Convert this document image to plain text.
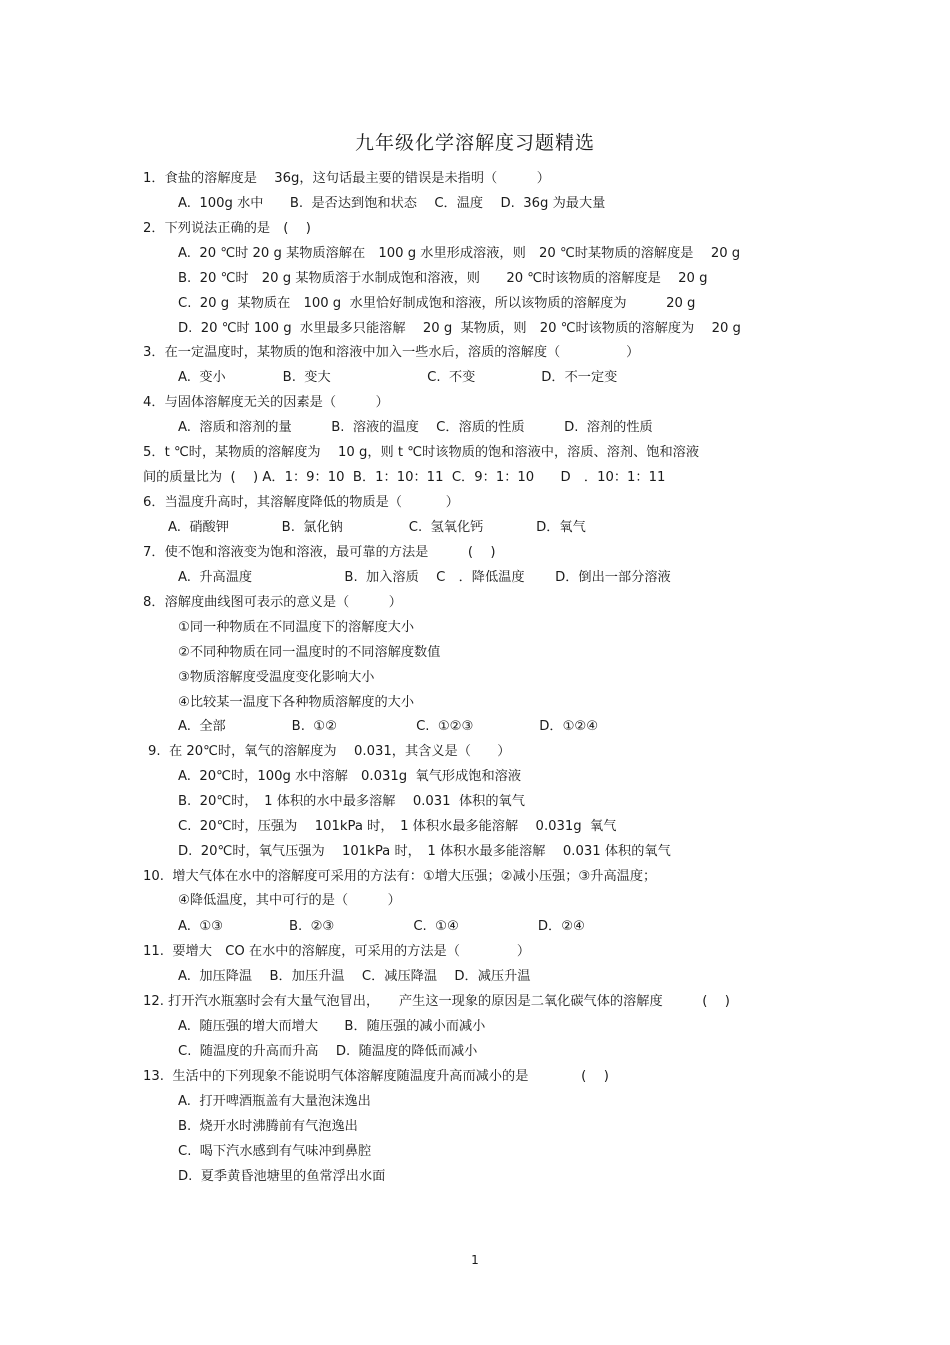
九年级化学溶解度习题精选
1．食盐的溶解度是　 36g，这句话最主要的错误是未指明（　　　）
A.  100g 水中　　B.  是否达到饱和状态　 C．温度　 D.  36g 为最大量
2．下列说法正确的是　(　 )
A.  20 ℃时 20 g 某物质溶解在　100 g 水里形成溶液，则　20 ℃时某物质的溶解度是　 20 g
B.  20 ℃时　20 g 某物质溶于水制成饱和溶液，则　　20 ℃时该物质的溶解度是　 20 g
C.  20 g  某物质在　100 g  水里恰好制成饱和溶液，所以该物质的溶解度为　　　20 g
D.  20 ℃时 100 g  水里最多只能溶解　 20 g  某物质，则　20 ℃时该物质的溶解度为　 20 g
3．在一定温度时，某物质的饱和溶液中加入一些水后，溶质的溶解度（　　　　　）
A.  变小　　　　 B.  变大　　　　　　　 C.  不变　　　　　D．不一定变
4．与固体溶解度无关的因素是（　　　）
A.  溶质和溶剂的量　　　B.  溶液的温度　 C．溶质的性质　　　D.  溶剂的性质
5．t ℃时，某物质的溶解度为　 10 g，则 t ℃时该物质的饱和溶液中，溶质、溶剂、饱和溶液
间的质量比为  (　 ) A．1：9：10  B．1：10：11  C．9：1：10　　D　．10：1：11
6．当温度升高时，其溶解度降低的物质是（　　　 ）
A.  硝酸钾　　　　B.  氯化钠　　　　　C.  氢氧化钙　　　　D．氧气
7．使不饱和溶液变为饱和溶液，最可靠的方法是　　　(　 )
A.  升高温度　　　　　　　B.  加入溶质　 C　．降低温度　　 D．倒出一部分溶液
8．溶解度曲线图可表示的意义是（　　　）
①同一种物质在不同温度下的溶解度大小
②不同种物质在同一温度时的不同溶解度数值
③物质溶解度受温度变化影响大小
④比较某一温度下各种物质溶解度的大小
A.  全部　　　　　B.  ①②　　　　　　C.  ①②③　　　　　D．①②④
9.  在 20℃时，氧气的溶解度为　 0.031，其含义是（　　）
A.  20℃时，100g 水中溶解　0.031g  氧气形成饱和溶液
B.  20℃时，　1 体积的水中最多溶解　 0.031  体积的氧气
C.  20℃时，压强为　 101kPa 时，　1 体积水最多能溶解　 0.031g  氧气
D.  20℃时，氧气压强为　 101kPa 时，　1 体积水最多能溶解　 0.031 体积的氧气
10.  增大气体在水中的溶解度可采用的方法有：①增大压强；②减小压强；③升高温度；
④降低温度，其中可行的是（　　　）
A.  ①③　　　　　B.  ②③　　　　　　C.  ①④　　　　　　D．②④
11.  要增大　CO 在水中的溶解度，可采用的方法是（　　　　 ）
A.  加压降温　 B．加压升温　 C．减压降温　 D．减压升温
12. 打开汽水瓶塞时会有大量气泡冒出，　　产生这一现象的原因是二氧化碳气体的溶解度　　　(　 )
A.  随压强的增大而增大　　B．随压强的减小而减小
C.  随温度的升高而升高　 D.  随温度的降低而减小
13.  生活中的下列现象不能说明气体溶解度随温度升高而减小的是　　　　(　 )
A.  打开啤酒瓶盖有大量泡沫逸出
B.  烧开水时沸腾前有气泡逸出
C.  喝下汽水感到有气味冲到鼻腔
D.  夏季黄昏池塘里的鱼常浮出水面
1
